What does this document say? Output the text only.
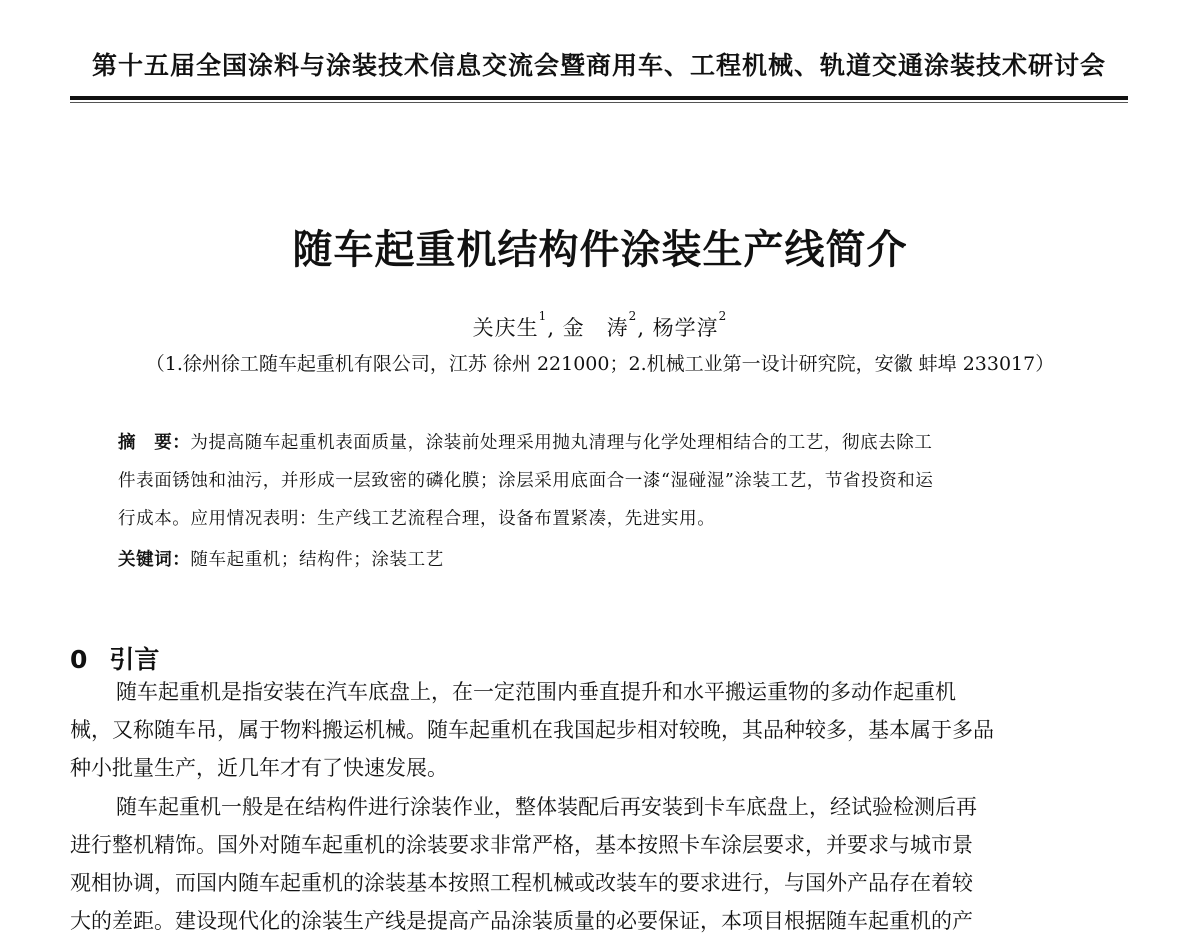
第十五届全国涂料与涂装技术信息交流会暨商用车、工程机械、轨道交通涂装技术研讨会
随车起重机结构件涂装生产线简介
关庆生$^1$, 金　涛$^2$, 杨学淳$^2$
（1.徐州徐工随车起重机有限公司，江苏 徐州 221000；2.机械工业第一设计研究院，安徽 蚌埠 233017）
摘　要：为提高随车起重机表面质量，涂装前处理采用抛丸清理与化学处理相结合的工艺，彻底去除工
件表面锈蚀和油污，并形成一层致密的磷化膜；涂层采用底面合一漆“湿碰湿”涂装工艺，节省投资和运
行成本。应用情况表明：生产线工艺流程合理，设备布置紧凑，先进实用。
关键词：随车起重机；结构件；涂装工艺
0 引言
随车起重机是指安装在汽车底盘上，在一定范围内垂直提升和水平搬运重物的多动作起重机
械，又称随车吊，属于物料搬运机械。随车起重机在我国起步相对较晚，其品种较多，基本属于多品
种小批量生产，近几年才有了快速发展。
随车起重机一般是在结构件进行涂装作业，整体装配后再安装到卡车底盘上，经试验检测后再
进行整机精饰。国外对随车起重机的涂装要求非常严格，基本按照卡车涂层要求，并要求与城市景
观相协调，而国内随车起重机的涂装基本按照工程机械或改装车的要求进行，与国外产品存在着较
大的差距。建设现代化的涂装生产线是提高产品涂装质量的必要保证，本项目根据随车起重机的产
